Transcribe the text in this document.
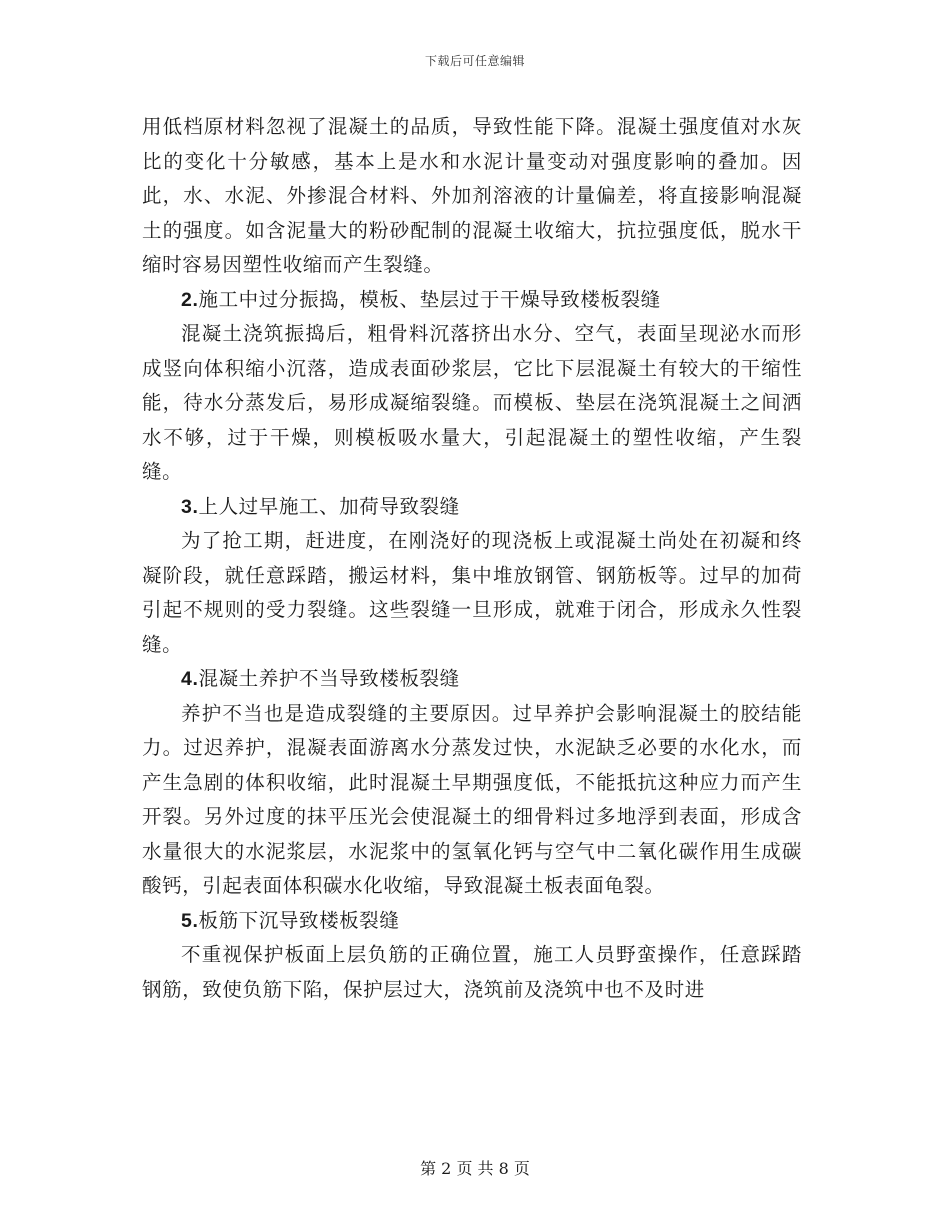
下载后可任意编辑

用低档原材料忽视了混凝土的品质，导致性能下降。混凝土强度值对水灰比的变化十分敏感，基本上是水和水泥计量变动对强度影响的叠加。因此，水、水泥、外掺混合材料、外加剂溶液的计量偏差，将直接影响混凝土的强度。如含泥量大的粉砂配制的混凝土收缩大，抗拉强度低，脱水干缩时容易因塑性收缩而产生裂缝。

2.施工中过分振捣，模板、垫层过于干燥导致楼板裂缝

混凝土浇筑振捣后，粗骨料沉落挤出水分、空气，表面呈现泌水而形成竖向体积缩小沉落，造成表面砂浆层，它比下层混凝土有较大的干缩性能，待水分蒸发后，易形成凝缩裂缝。而模板、垫层在浇筑混凝土之间洒水不够，过于干燥，则模板吸水量大，引起混凝土的塑性收缩，产生裂缝。

3.上人过早施工、加荷导致裂缝

为了抢工期，赶进度，在刚浇好的现浇板上或混凝土尚处在初凝和终凝阶段，就任意踩踏，搬运材料，集中堆放钢管、钢筋板等。过早的加荷引起不规则的受力裂缝。这些裂缝一旦形成，就难于闭合，形成永久性裂缝。

4.混凝土养护不当导致楼板裂缝

养护不当也是造成裂缝的主要原因。过早养护会影响混凝土的胶结能力。过迟养护，混凝表面游离水分蒸发过快，水泥缺乏必要的水化水，而产生急剧的体积收缩，此时混凝土早期强度低，不能抵抗这种应力而产生开裂。另外过度的抹平压光会使混凝土的细骨料过多地浮到表面，形成含水量很大的水泥浆层，水泥浆中的氢氧化钙与空气中二氧化碳作用生成碳酸钙，引起表面体积碳水化收缩，导致混凝土板表面龟裂。

5.板筋下沉导致楼板裂缝

不重视保护板面上层负筋的正确位置，施工人员野蛮操作，任意踩踏钢筋，致使负筋下陷，保护层过大，浇筑前及浇筑中也不及时进

第 2 页 共 8 页
